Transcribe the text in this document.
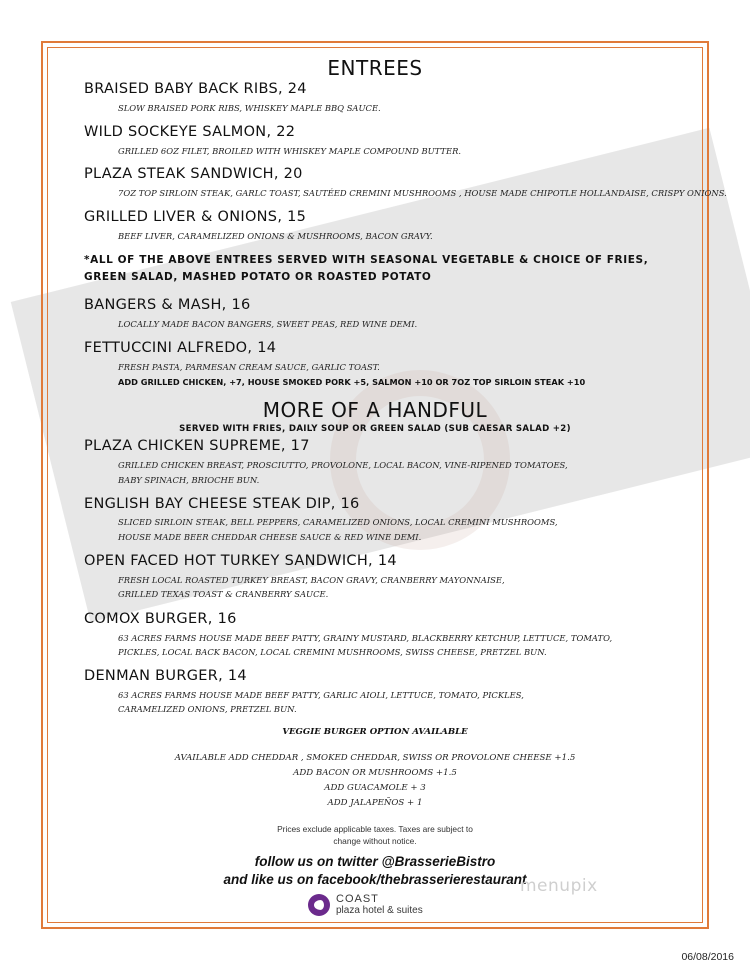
ENTREES
BRAISED BABY BACK RIBS, 24
SLOW BRAISED PORK RIBS, WHISKEY MAPLE BBQ SAUCE.
WILD SOCKEYE SALMON, 22
GRILLED 6OZ FILET, BROILED WITH WHISKEY MAPLE COMPOUND BUTTER.
PLAZA STEAK SANDWICH, 20
7OZ TOP SIRLOIN STEAK, GARLC TOAST, SAUTÉED CREMINI MUSHROOMS , HOUSE MADE CHIPOTLE HOLLANDAISE, CRISPY ONIONS.
GRILLED LIVER & ONIONS, 15
BEEF LIVER, CARAMELIZED ONIONS & MUSHROOMS, BACON GRAVY.
*ALL OF THE ABOVE ENTREES SERVED WITH SEASONAL VEGETABLE & CHOICE OF FRIES,
GREEN SALAD, MASHED POTATO OR ROASTED POTATO
BANGERS & MASH, 16
LOCALLY MADE BACON BANGERS, SWEET PEAS, RED WINE DEMI.
FETTUCCINI ALFREDO, 14
FRESH PASTA, PARMESAN CREAM SAUCE, GARLIC TOAST.
ADD GRILLED CHICKEN, +7, HOUSE SMOKED PORK +5, SALMON +10 OR 7OZ TOP SIRLOIN STEAK +10
MORE OF A HANDFUL
SERVED WITH FRIES, DAILY SOUP OR GREEN SALAD (SUB CAESAR SALAD +2)
PLAZA CHICKEN SUPREME, 17
GRILLED CHICKEN BREAST, PROSCIUTTO, PROVOLONE, LOCAL BACON, VINE-RIPENED TOMATOES,
BABY SPINACH, BRIOCHE BUN.
ENGLISH BAY CHEESE STEAK DIP, 16
SLICED SIRLOIN STEAK, BELL PEPPERS, CARAMELIZED ONIONS, LOCAL CREMINI MUSHROOMS,
HOUSE MADE BEER CHEDDAR CHEESE SAUCE & RED WINE DEMI.
OPEN FACED HOT TURKEY SANDWICH, 14
FRESH LOCAL ROASTED TURKEY BREAST, BACON GRAVY, CRANBERRY MAYONNAISE,
GRILLED TEXAS TOAST & CRANBERRY SAUCE.
COMOX BURGER, 16
63 ACRES FARMS HOUSE MADE BEEF PATTY, GRAINY MUSTARD, BLACKBERRY KETCHUP, LETTUCE, TOMATO,
PICKLES, LOCAL BACK BACON, LOCAL CREMINI MUSHROOMS, SWISS CHEESE, PRETZEL BUN.
DENMAN BURGER, 14
63 ACRES FARMS HOUSE MADE BEEF PATTY, GARLIC AIOLI, LETTUCE, TOMATO, PICKLES,
CARAMELIZED ONIONS, PRETZEL BUN.
VEGGIE BURGER OPTION AVAILABLE
AVAILABLE ADD CHEDDAR , SMOKED CHEDDAR, SWISS OR PROVOLONE CHEESE +1.5
ADD BACON OR MUSHROOMS +1.5
ADD GUACAMOLE + 3
ADD JALAPEÑOS + 1
Prices exclude applicable taxes. Taxes are subject to
change without notice.
follow us on twitter @BrasserieBistro
and like us on facebook/thebrasserierestaurant
COAST
plaza hotel & suites
menupix
06/08/2016
